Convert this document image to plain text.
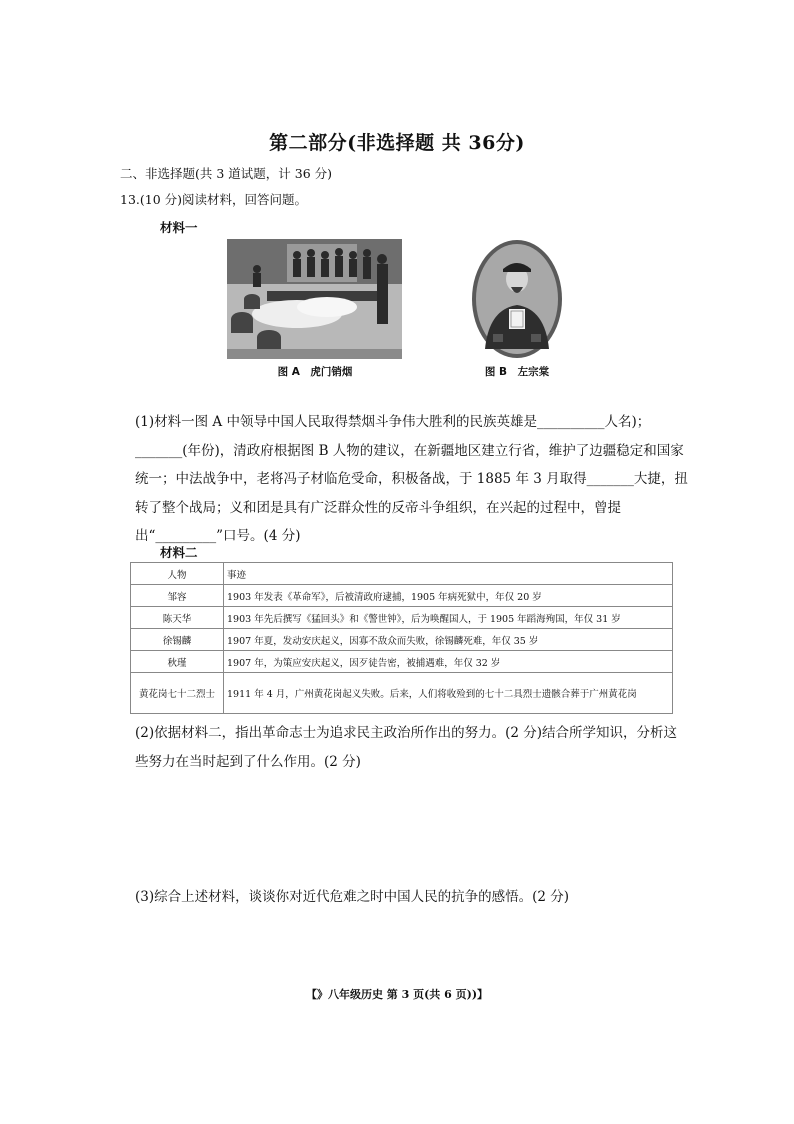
第二部分(非选择题 共 36分)
二、非选择题(共 3 道试题，计 36 分)
13.(10 分)阅读材料，回答问题。
材料一
图 A　虎门销烟	图 B　左宗棠
(1)材料一图 A 中领导中国人民取得禁烟斗争伟大胜利的民族英雄是__________人名)；_______(年份)，清政府根据图 B 人物的建议，在新疆地区建立行省，维护了边疆稳定和国家统一；中法战争中，老将冯子材临危受命，积极备战，于 1885 年 3 月取得_______大捷，扭转了整个战局；义和团是具有广泛群众性的反帝斗争组织，在兴起的过程中，曾提出“_________”口号。(4 分)
材料二
人物	事迹
邹容	1903 年发表《革命军》，后被清政府逮捕，1905 年病死狱中，年仅 20 岁
陈天华	1903 年先后撰写《猛回头》和《警世钟》，后为唤醒国人，于 1905 年蹈海殉国，年仅 31 岁
徐锡麟	1907 年夏，发动安庆起义，因寡不敌众而失败，徐锡麟死难，年仅 35 岁
秋瑾	1907 年，为策应安庆起义，因歹徒告密，被捕遇难，年仅 32 岁
黄花岗七十二烈士	1911 年 4 月，广州黄花岗起义失败。后来，人们将收殓到的七十二具烈士遗骸合葬于广州黄花岗
(2)依据材料二，指出革命志士为追求民主政治所作出的努力。(2 分)结合所学知识，分析这些努力在当时起到了什么作用。(2 分)
(3)综合上述材料，谈谈你对近代危难之时中国人民的抗争的感悟。(2 分)
【》八年级历史 第 3 页(共 6 页))】
